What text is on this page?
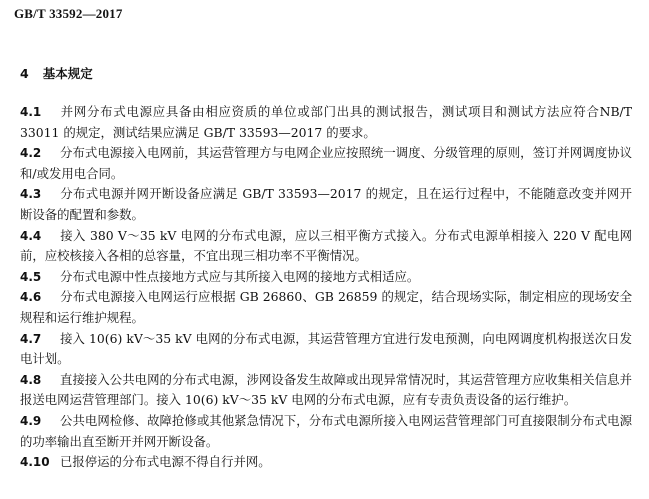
GB/T 33592—2017
4 基本规定
4.1 并网分布式电源应具备由相应资质的单位或部门出具的测试报告，测试项目和测试方法应符合NB/T 33011 的规定，测试结果应满足 GB/T 33593—2017 的要求。
4.2 分布式电源接入电网前，其运营管理方与电网企业应按照统一调度、分级管理的原则，签订并网调度协议和/或发用电合同。
4.3 分布式电源并网开断设备应满足 GB/T 33593—2017 的规定，且在运行过程中，不能随意改变并网开断设备的配置和参数。
4.4 接入 380 V～35 kV 电网的分布式电源，应以三相平衡方式接入。分布式电源单相接入 220 V 配电网前，应校核接入各相的总容量，不宜出现三相功率不平衡情况。
4.5 分布式电源中性点接地方式应与其所接入电网的接地方式相适应。
4.6 分布式电源接入电网运行应根据 GB 26860、GB 26859 的规定，结合现场实际，制定相应的现场安全规程和运行维护规程。
4.7 接入 10(6) kV～35 kV 电网的分布式电源，其运营管理方宜进行发电预测，向电网调度机构报送次日发电计划。
4.8 直接接入公共电网的分布式电源，涉网设备发生故障或出现异常情况时，其运营管理方应收集相关信息并报送电网运营管理部门。接入 10(6) kV～35 kV 电网的分布式电源，应有专责负责设备的运行维护。
4.9 公共电网检修、故障抢修或其他紧急情况下，分布式电源所接入电网运营管理部门可直接限制分布式电源的功率输出直至断开并网开断设备。
4.10 已报停运的分布式电源不得自行并网。
